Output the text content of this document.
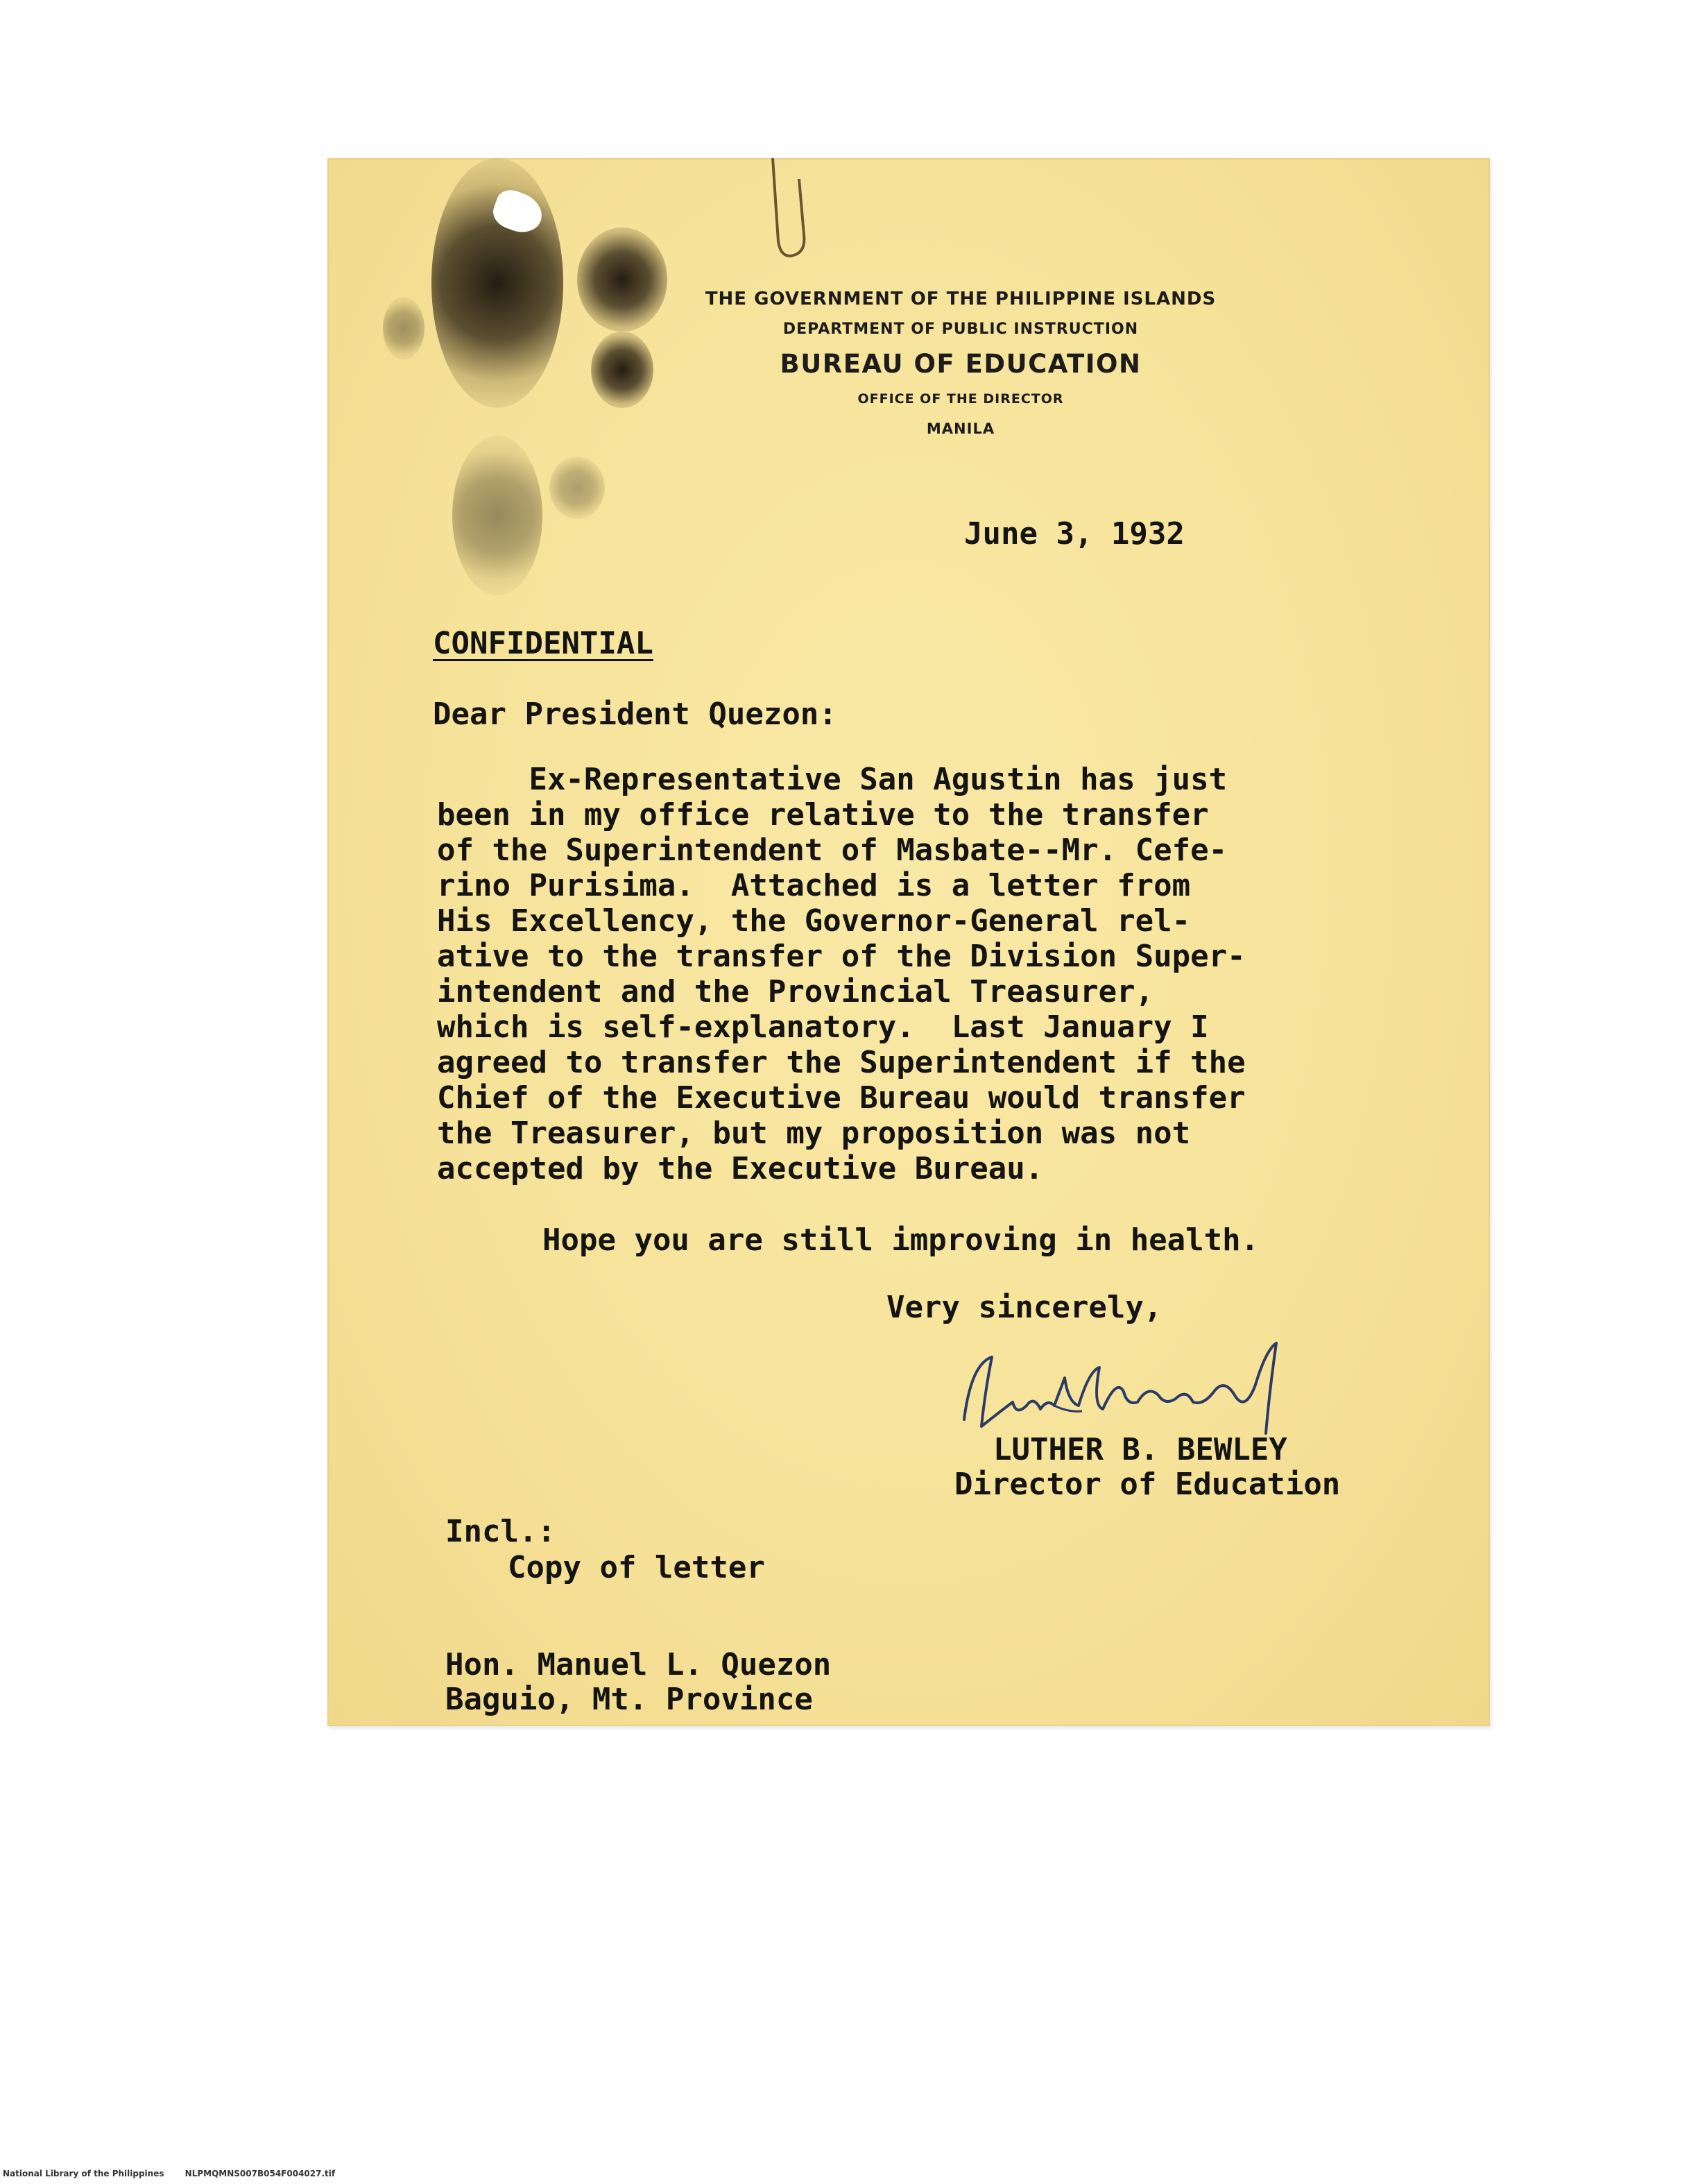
THE GOVERNMENT OF THE PHILIPPINE ISLANDS
DEPARTMENT OF PUBLIC INSTRUCTION
BUREAU OF EDUCATION
OFFICE OF THE DIRECTOR
MANILA
June 3, 1932
CONFIDENTIAL
Dear President Quezon:
Ex-Representative San Agustin has just
been in my office relative to the transfer
of the Superintendent of Masbate--Mr. Cefe-
rino Purisima.  Attached is a letter from
His Excellency, the Governor-General rel-
ative to the transfer of the Division Super-
intendent and the Provincial Treasurer,
which is self-explanatory.  Last January I
agreed to transfer the Superintendent if the
Chief of the Executive Bureau would transfer
the Treasurer, but my proposition was not
accepted by the Executive Bureau.
Hope you are still improving in health.
Very sincerely,
LUTHER B. BEWLEY
Director of Education
Incl.:
Copy of letter
Hon. Manuel L. Quezon
Baguio, Mt. Province
National Library of the Philippines	NLPMQMNS007B054F004027.tif
